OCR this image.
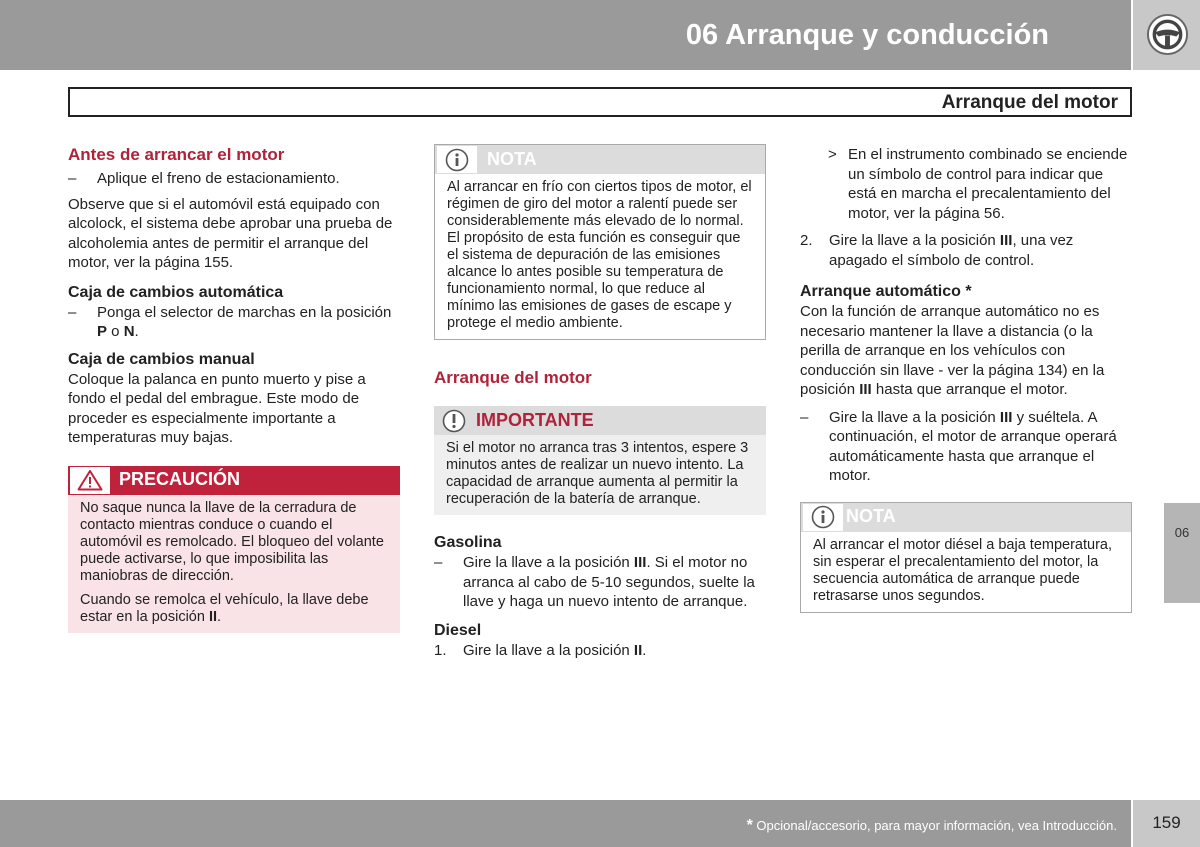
06 Arranque y conducción
Arranque del motor
Antes de arrancar el motor
–	Aplique el freno de estacionamiento.

Observe que si el automóvil está equipado con alcolock, el sistema debe aprobar una prueba de alcoholemia antes de permitir el arranque del motor, ver la página 155.

Caja de cambios automática
–	Ponga el selector de marchas en la posición P o N.
Caja de cambios manual

Coloque la palanca en punto muerto y pise a fondo el pedal del embrague. Este modo de proceder es especialmente importante a temperaturas muy bajas.

PRECAUCIÓN

No saque nunca la llave de la cerradura de contacto mientras conduce o cuando el automóvil es remolcado. El bloqueo del volante puede activarse, lo que imposibilita las maniobras de dirección.

Cuando se remolca el vehículo, la llave debe estar en la posición II.

NOTA
Al arrancar en frío con ciertos tipos de motor, el régimen de giro del motor a ralentí puede ser considerablemente más elevado de lo normal. El propósito de esta función es conseguir que el sistema de depuración de las emisiones alcance lo antes posible su temperatura de funcionamiento normal, lo que reduce al mínimo las emisiones de gases de escape y protege el medio ambiente.
Arranque del motor
IMPORTANTE
Si el motor no arranca tras 3 intentos, espere 3 minutos antes de realizar un nuevo intento. La capacidad de arranque aumenta al permitir la recuperación de la batería de arranque.
Gasolina
–	Gire la llave a la posición III. Si el motor no arranca al cabo de 5-10 segundos, suelte la llave y haga un nuevo intento de arranque.
Diesel
1.	Gire la llave a la posición II.
> En el instrumento combinado se enciende un símbolo de control para indicar que está en marcha el precalentamiento del motor, ver la página 56.
2.	Gire la llave a la posición III, una vez apagado el símbolo de control.
Arranque automático *

Con la función de arranque automático no es necesario mantener la llave a distancia (o la perilla de arranque en los vehículos con conducción sin llave - ver la página 134) en la posición III hasta que arranque el motor.

–	Gire la llave a la posición III y suéltela. A continuación, el motor de arranque operará automáticamente hasta que arranque el motor.
NOTA
Al arrancar el motor diésel a baja temperatura, sin esperar el precalentamiento del motor, la secuencia automática de arranque puede retrasarse unos segundos.
06
* Opcional/accesorio, para mayor información, vea Introducción.	159
